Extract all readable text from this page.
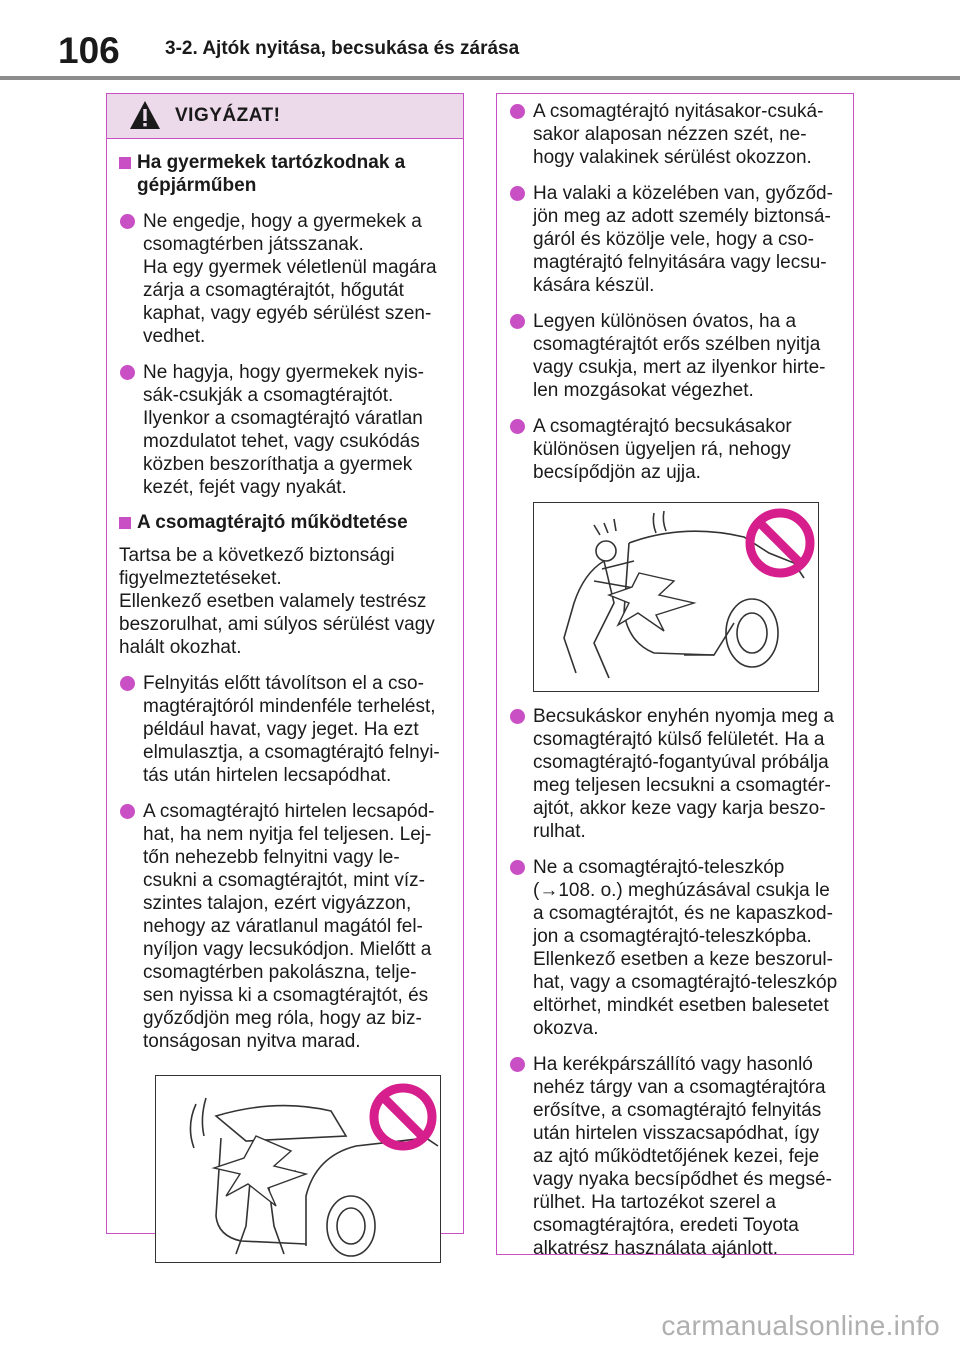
106 3-2. Ajtók nyitása, becsukása és zárása
VIGYÁZAT!
Ha gyermekek tartózkodnak a
gépjárműben
Ne engedje, hogy a gyermekek a
csomagtérben játsszanak.
Ha egy gyermek véletlenül magára
zárja a csomagtérajtót, hőgutát
kaphat, vagy egyéb sérülést szen-
vedhet.
Ne hagyja, hogy gyermekek nyis-
sák-csukják a csomagtérajtót.
Ilyenkor a csomagtérajtó váratlan
mozdulatot tehet, vagy csukódás
közben beszoríthatja a gyermek
kezét, fejét vagy nyakát.
A csomagtérajtó működtetése
Tartsa be a következő biztonsági
figyelmeztetéseket.
Ellenkező esetben valamely testrész
beszorulhat, ami súlyos sérülést vagy
halált okozhat.
Felnyitás előtt távolítson el a cso-
magtérajtóról mindenféle terhelést,
például havat, vagy jeget. Ha ezt
elmulasztja, a csomagtérajtó felnyi-
tás után hirtelen lecsapódhat.
A csomagtérajtó hirtelen lecsapód-
hat, ha nem nyitja fel teljesen. Lej-
tőn nehezebb felnyitni vagy le-
csukni a csomagtérajtót, mint víz-
szintes talajon, ezért vigyázzon,
nehogy az váratlanul magától fel-
nyíljon vagy lecsukódjon. Mielőtt a
csomagtérben pakolászna, telje-
sen nyissa ki a csomagtérajtót, és
győződjön meg róla, hogy az biz-
tonságosan nyitva marad.
A csomagtérajtó nyitásakor-csuká-
sakor alaposan nézzen szét, ne-
hogy valakinek sérülést okozzon.
Ha valaki a közelében van, győződ-
jön meg az adott személy biztonsá-
gáról és közölje vele, hogy a cso-
magtérajtó felnyitására vagy lecsu-
kására készül.
Legyen különösen óvatos, ha a
csomagtérajtót erős szélben nyitja
vagy csukja, mert az ilyenkor hirte-
len mozgásokat végezhet.
A csomagtérajtó becsukásakor
különösen ügyeljen rá, nehogy
becsípődjön az ujja.
Becsukáskor enyhén nyomja meg a
csomagtérajtó külső felületét. Ha a
csomagtérajtó-fogantyúval próbálja
meg teljesen lecsukni a csomagtér-
ajtót, akkor keze vagy karja beszo-
rulhat.
Ne a csomagtérajtó-teleszkóp
(→108. o.) meghúzásával csukja le
a csomagtérajtót, és ne kapaszkod-
jon a csomagtérajtó-teleszkópba.
Ellenkező esetben a keze beszorul-
hat, vagy a csomagtérajtó-teleszkóp
eltörhet, mindkét esetben balesetet
okozva.
Ha kerékpárszállító vagy hasonló
nehéz tárgy van a csomagtérajtóra
erősítve, a csomagtérajtó felnyitás
után hirtelen visszacsapódhat, így
az ajtó működtetőjének kezei, feje
vagy nyaka becsípődhet és megsé-
rülhet. Ha tartozékot szerel a
csomagtérajtóra, eredeti Toyota
alkatrész használata ajánlott.
carmanualsonline.info
